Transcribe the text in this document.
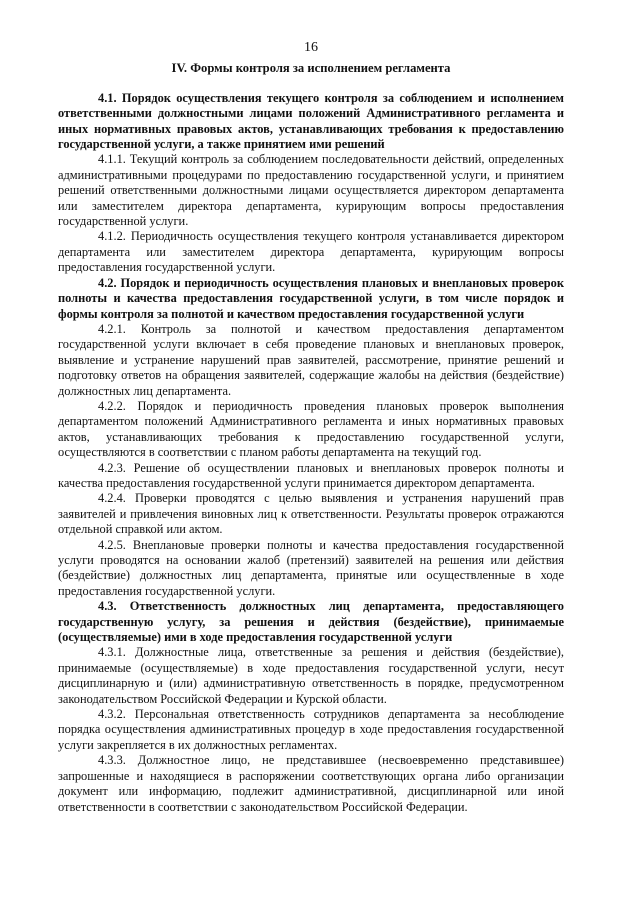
16
IV. Формы контроля за исполнением регламента

4.1. Порядок осуществления текущего контроля за соблюдением и исполнением ответственными должностными лицами положений Административного регламента и иных нормативных правовых актов, устанавливающих требования к предоставлению государственной услуги, а также принятием ими решений

4.1.1. Текущий контроль за соблюдением последовательности действий, определенных административными процедурами по предоставлению государственной услуги, и принятием решений ответственными должностными лицами осуществляется директором департамента или заместителем директора департамента, курирующим вопросы предоставления государственной услуги.

4.1.2. Периодичность осуществления текущего контроля устанавливается директором департамента или заместителем директора департамента, курирующим вопросы предоставления государственной услуги.

4.2. Порядок и периодичность осуществления плановых и внеплановых проверок полноты и качества предоставления государственной услуги, в том числе порядок и формы контроля за полнотой и качеством предоставления государственной услуги

4.2.1. Контроль за полнотой и качеством предоставления департаментом государственной услуги включает в себя проведение плановых и внеплановых проверок, выявление и устранение нарушений прав заявителей, рассмотрение, принятие решений и подготовку ответов на обращения заявителей, содержащие жалобы на действия (бездействие) должностных лиц департамента.

4.2.2. Порядок и периодичность проведения плановых проверок выполнения департаментом положений Административного регламента и иных нормативных правовых актов, устанавливающих требования к предоставлению государственной услуги, осуществляются в соответствии с планом работы департамента на текущий год.

4.2.3. Решение об осуществлении плановых и внеплановых проверок полноты и качества предоставления государственной услуги принимается директором департамента.

4.2.4. Проверки проводятся с целью выявления и устранения нарушений прав заявителей и привлечения виновных лиц к ответственности. Результаты проверок отражаются отдельной справкой или актом.

4.2.5. Внеплановые проверки полноты и качества предоставления государственной услуги проводятся на основании жалоб (претензий) заявителей на решения или действия (бездействие) должностных лиц департамента, принятые или осуществленные в ходе предоставления государственной услуги.

4.3. Ответственность должностных лиц департамента, предоставляющего государственную услугу, за решения и действия (бездействие), принимаемые (осуществляемые) ими в ходе предоставления государственной услуги

4.3.1. Должностные лица, ответственные за решения и действия (бездействие), принимаемые (осуществляемые) в ходе предоставления государственной услуги, несут дисциплинарную и (или) административную ответственность в порядке, предусмотренном законодательством Российской Федерации и Курской области.

4.3.2. Персональная ответственность сотрудников департамента за несоблюдение порядка осуществления административных процедур в ходе предоставления государственной услуги закрепляется в их должностных регламентах.

4.3.3. Должностное лицо, не представившее (несвоевременно представившее) запрошенные и находящиеся в распоряжении соответствующих органа либо организации документ или информацию, подлежит административной, дисциплинарной или иной ответственности в соответствии с законодательством Российской Федерации.
